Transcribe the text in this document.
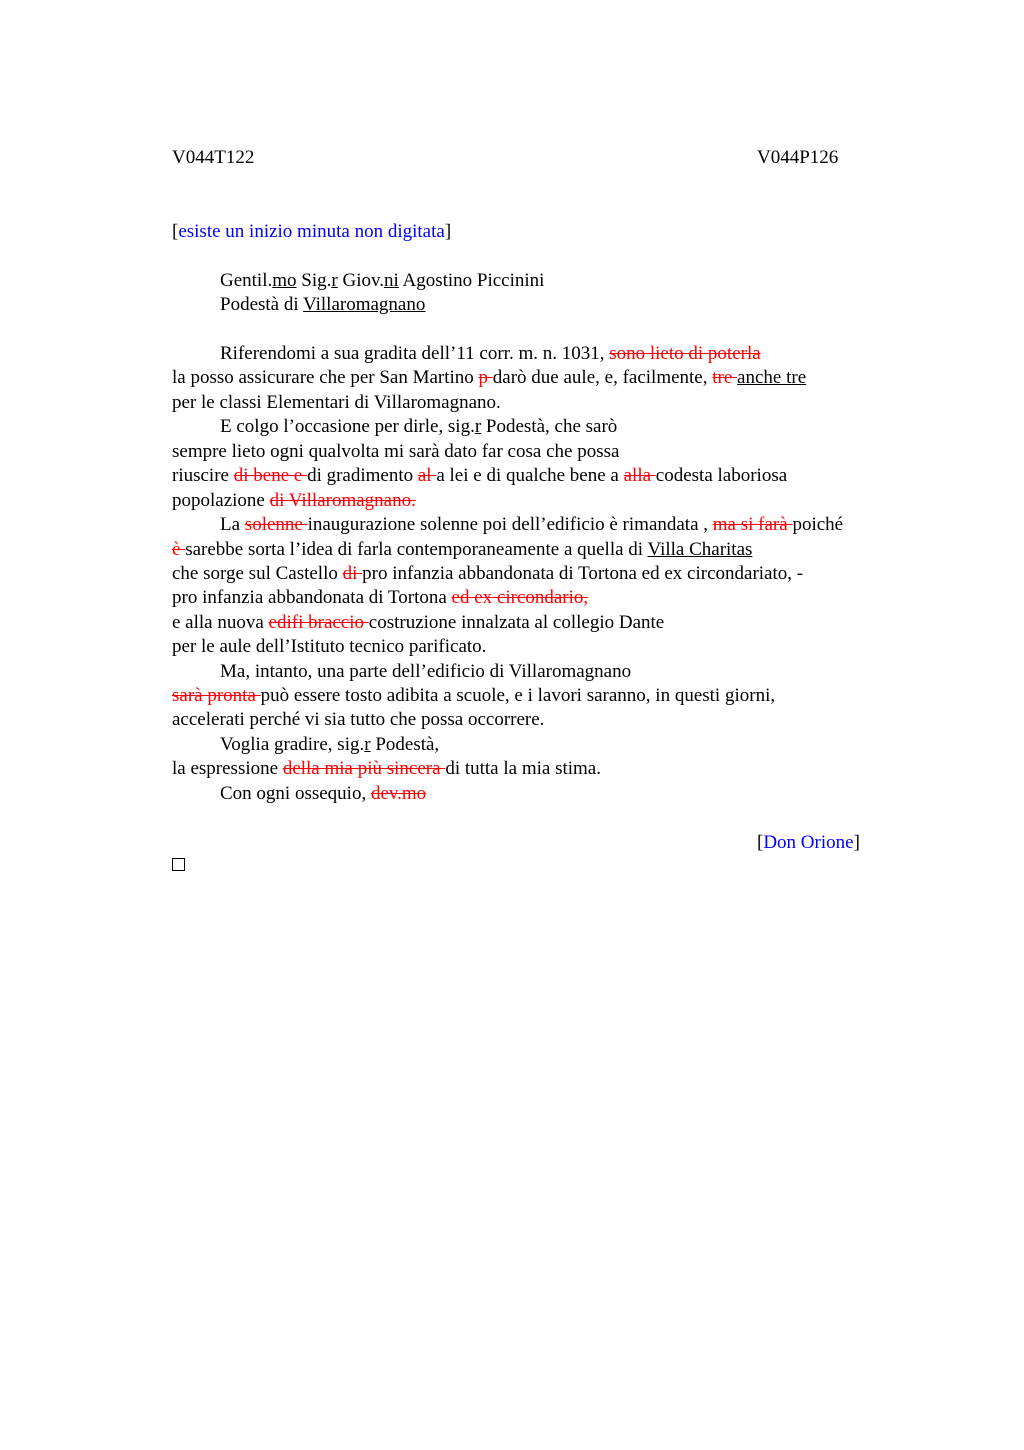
V044T122	V044P126
[esiste un inizio minuta non digitata]
Gentil.mo Sig.r Giov.ni Agostino Piccinini
Podestà di Villaromagnano
Riferendomi a sua gradita dell’11 corr. m. n. 1031, sono lieto di poterla
la posso assicurare che per San Martino p darò due aule, e, facilmente, tre anche tre
per le classi Elementari di Villaromagnano.
E colgo l’occasione per dirle, sig.r Podestà, che sarò
sempre lieto ogni qualvolta mi sarà dato far cosa che possa
riuscire di bene e di gradimento al a lei e di qualche bene a alla codesta laboriosa
popolazione di Villaromagnano.
La solenne inaugurazione solenne poi dell’edificio è rimandata , ma si farà poiché
è sarebbe sorta l’idea di farla contemporaneamente a quella di Villa Charitas
che sorge sul Castello di pro infanzia abbandonata di Tortona ed ex circondariato, -
pro infanzia abbandonata di Tortona ed ex circondario,
e alla nuova edifi braccio costruzione innalzata al collegio Dante
per le aule dell’Istituto tecnico parificato.
Ma, intanto, una parte dell’edificio di Villaromagnano
sarà pronta può essere tosto adibita a scuole, e i lavori saranno, in questi giorni,
accelerati perché vi sia tutto che possa occorrere.
Voglia gradire, sig.r Podestà,
la espressione della mia più sincera di tutta la mia stima.
Con ogni ossequio, dev.mo
[Don Orione]
